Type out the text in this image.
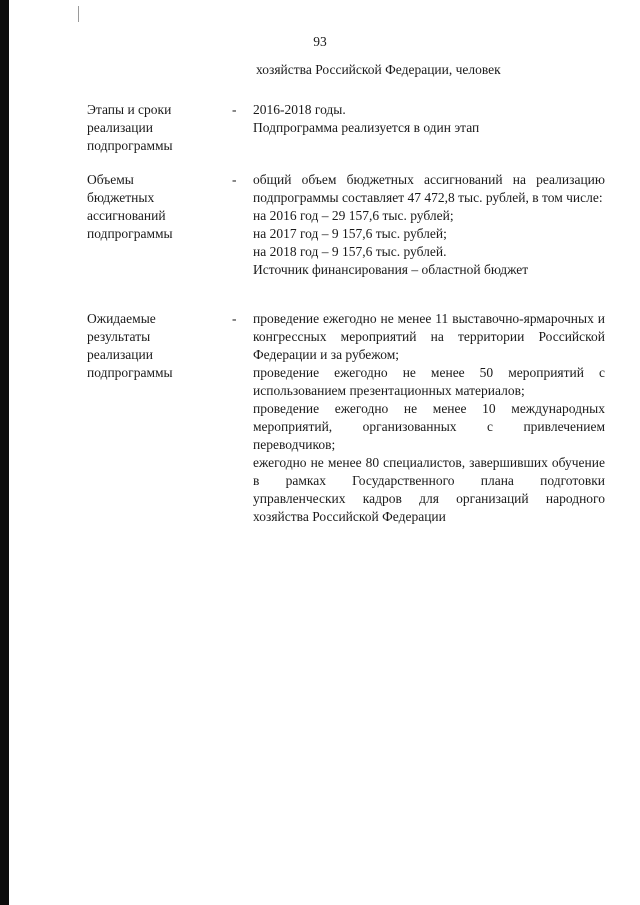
93
хозяйства Российской Федерации, человек
Этапы и сроки
реализации
подпрограммы
- 2016-2018 годы.
Подпрограмма реализуется в один этап
Объемы
бюджетных
ассигнований
подпрограммы
- общий объем бюджетных ассигнований на реализацию подпрограммы составляет 47 472,8 тыс. рублей, в том числе:
на 2016 год – 29 157,6 тыс. рублей;
на 2017 год – 9 157,6 тыс. рублей;
на 2018 год – 9 157,6 тыс. рублей.
Источник финансирования – областной бюджет
Ожидаемые
результаты
реализации
подпрограммы
- проведение ежегодно не менее 11 выставочно-ярмарочных и конгрессных мероприятий на территории Российской Федерации и за рубежом;
проведение ежегодно не менее 50 мероприятий с использованием презентационных материалов;
проведение ежегодно не менее 10 международных мероприятий, организованных с привлечением переводчиков;
ежегодно не менее 80 специалистов, завершивших обучение в рамках Государственного плана подготовки управленческих кадров для организаций народного хозяйства Российской Федерации
